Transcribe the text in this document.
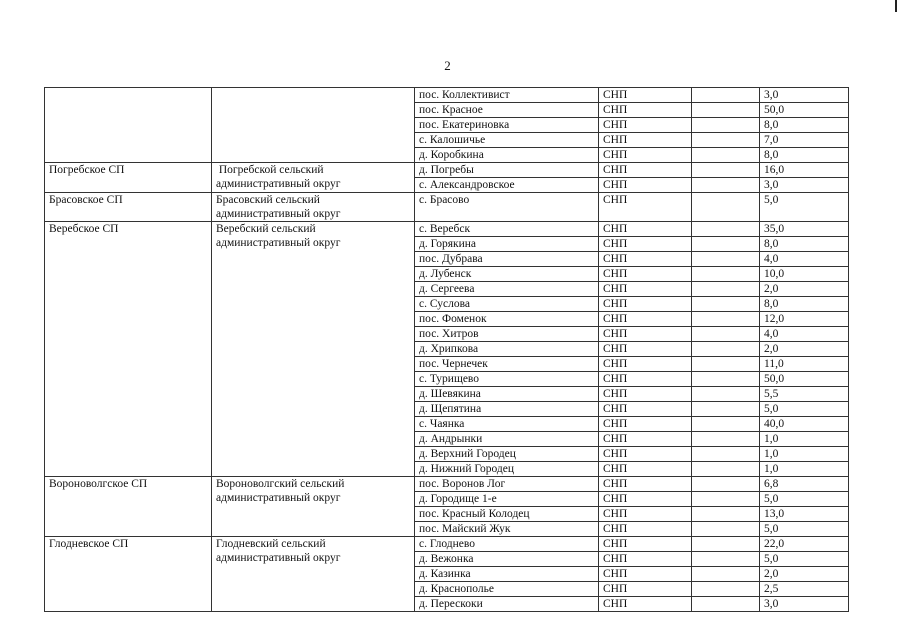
2
		пос. Коллективист	СНП		3,0
		пос. Красное	СНП		50,0
		пос. Екатериновка	СНП		8,0
		с. Калошичье	СНП		7,0
		д. Коробкина	СНП		8,0
Погребское СП	Погребской сельский административный округ	д. Погребы	СНП		16,0
		с. Александровское	СНП		3,0
Брасовское СП	Брасовский сельский административный округ	с. Брасово	СНП		5,0
Веребское СП	Веребский сельский административный округ	с. Веребск	СНП		35,0
		д. Горякина	СНП		8,0
		пос. Дубрава	СНП		4,0
		д. Лубенск	СНП		10,0
		д. Сергеева	СНП		2,0
		с. Суслова	СНП		8,0
		пос. Фоменок	СНП		12,0
		пос. Хитров	СНП		4,0
		д. Хрипкова	СНП		2,0
		пос. Чернечек	СНП		11,0
		с. Турищево	СНП		50,0
		д. Шевякина	СНП		5,5
		д. Щепятина	СНП		5,0
		с. Чаянка	СНП		40,0
		д. Андрынки	СНП		1,0
		д. Верхний Городец	СНП		1,0
		д. Нижний Городец	СНП		1,0
Вороноволгское СП	Вороноволгский сельский административный округ	пос. Воронов Лог	СНП		6,8
		д. Городище 1-е	СНП		5,0
		пос. Красный Колодец	СНП		13,0
		пос. Майский Жук	СНП		5,0
Глодневское СП	Глодневский сельский административный округ	с. Глоднево	СНП		22,0
		д. Вежонка	СНП		5,0
		д. Казинка	СНП		2,0
		д. Краснополье	СНП		2,5
		д. Перескоки	СНП		3,0
